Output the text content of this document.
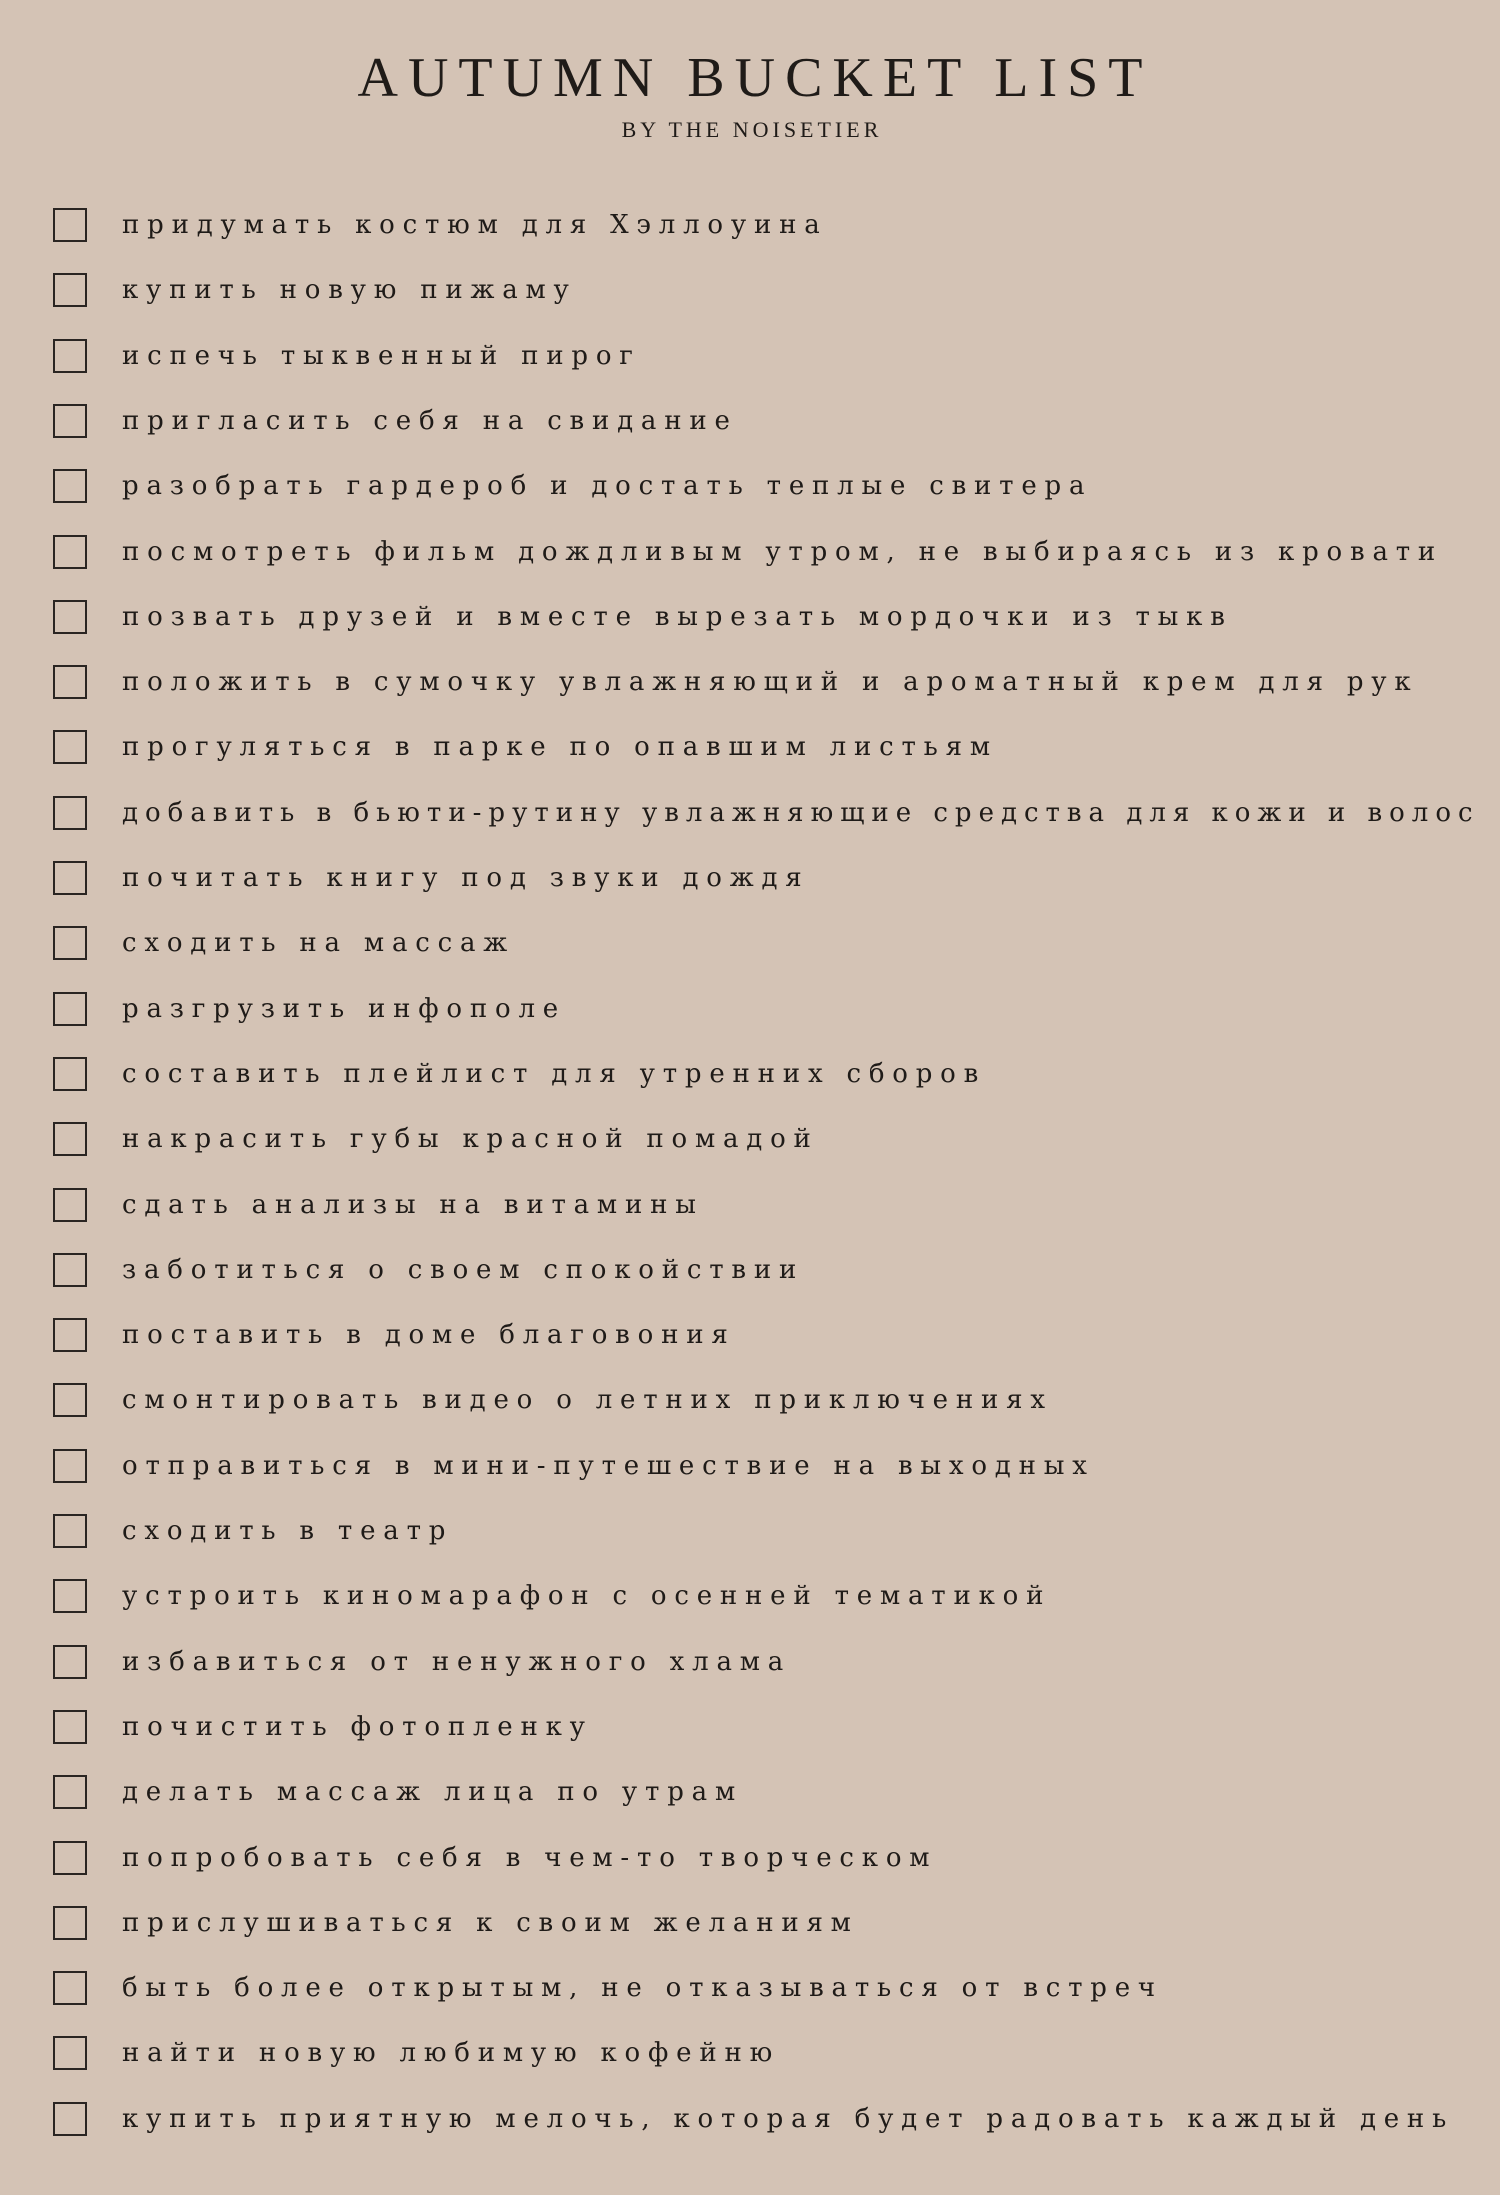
AUTUMN BUCKET LIST

BY THE NOISETIER

придумать костюм для Хэллоуина
купить новую пижаму
испечь тыквенный пирог
пригласить себя на свидание
разобрать гардероб и достать теплые свитера
посмотреть фильм дождливым утром, не выбираясь из кровати
позвать друзей и вместе вырезать мордочки из тыкв
положить в сумочку увлажняющий и ароматный крем для рук
прогуляться в парке по опавшим листьям
добавить в бьюти-рутину увлажняющие средства для кожи и волос
почитать книгу под звуки дождя
сходить на массаж
разгрузить инфополе
составить плейлист для утренних сборов
накрасить губы красной помадой
сдать анализы на витамины
заботиться о своем спокойствии
поставить в доме благовония
смонтировать видео о летних приключениях
отправиться в мини-путешествие на выходных
сходить в театр
устроить киномарафон с осенней тематикой
избавиться от ненужного хлама
почистить фотопленку
делать массаж лица по утрам
попробовать себя в чем-то творческом
прислушиваться к своим желаниям
быть более открытым, не отказываться от встреч
найти новую любимую кофейню
купить приятную мелочь, которая будет радовать каждый день
